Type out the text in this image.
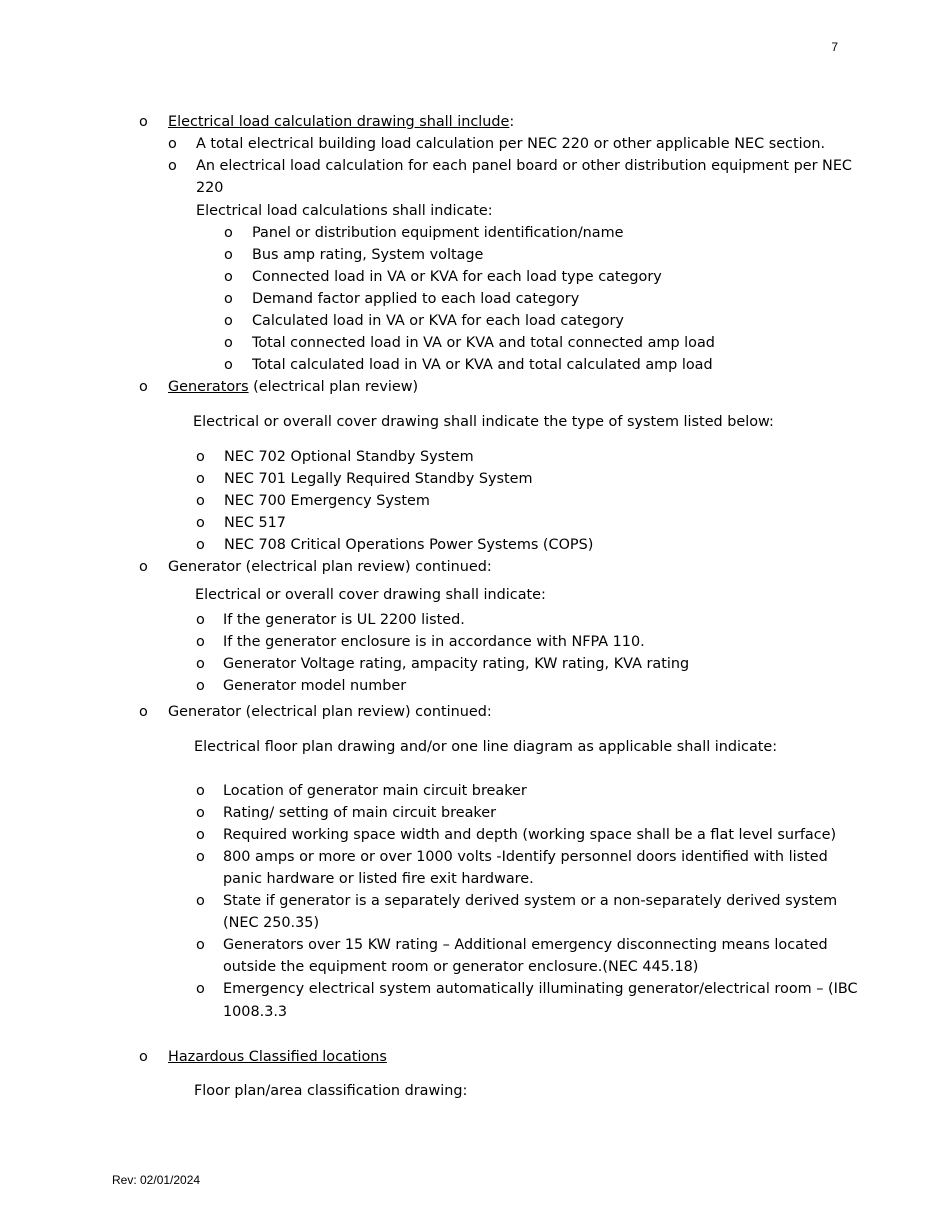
7
o Electrical load calculation drawing shall include:
o A total electrical building load calculation per NEC 220 or other applicable NEC section.
o An electrical load calculation for each panel board or other distribution equipment per NEC
220
Electrical load calculations shall indicate:
o Panel or distribution equipment identification/name
o Bus amp rating, System voltage
o Connected load in VA or KVA for each load type category
o Demand factor applied to each load category
o Calculated load in VA or KVA for each load category
o Total connected load in VA or KVA and total connected amp load
o Total calculated load in VA or KVA and total calculated amp load
o Generators (electrical plan review)
Electrical or overall cover drawing shall indicate the type of system listed below:
o NEC 702 Optional Standby System
o NEC 701 Legally Required Standby System
o NEC 700 Emergency System
o NEC 517
o NEC 708 Critical Operations Power Systems (COPS)
o Generator (electrical plan review) continued:
Electrical or overall cover drawing shall indicate:
o If the generator is UL 2200 listed.
o If the generator enclosure is in accordance with NFPA 110.
o Generator Voltage rating, ampacity rating, KW rating, KVA rating
o Generator model number
o Generator (electrical plan review) continued:
Electrical floor plan drawing and/or one line diagram as applicable shall indicate:
o Location of generator main circuit breaker
o Rating/ setting of main circuit breaker
o Required working space width and depth (working space shall be a flat level surface)
o 800 amps or more or over 1000 volts -Identify personnel doors identified with listed
panic hardware or listed fire exit hardware.
o State if generator is a separately derived system or a non-separately derived system
(NEC 250.35)
o Generators over 15 KW rating – Additional emergency disconnecting means located
outside the equipment room or generator enclosure.(NEC 445.18)
o Emergency electrical system automatically illuminating generator/electrical room – (IBC
1008.3.3
o Hazardous Classified locations
Floor plan/area classification drawing:
Rev: 02/01/2024
